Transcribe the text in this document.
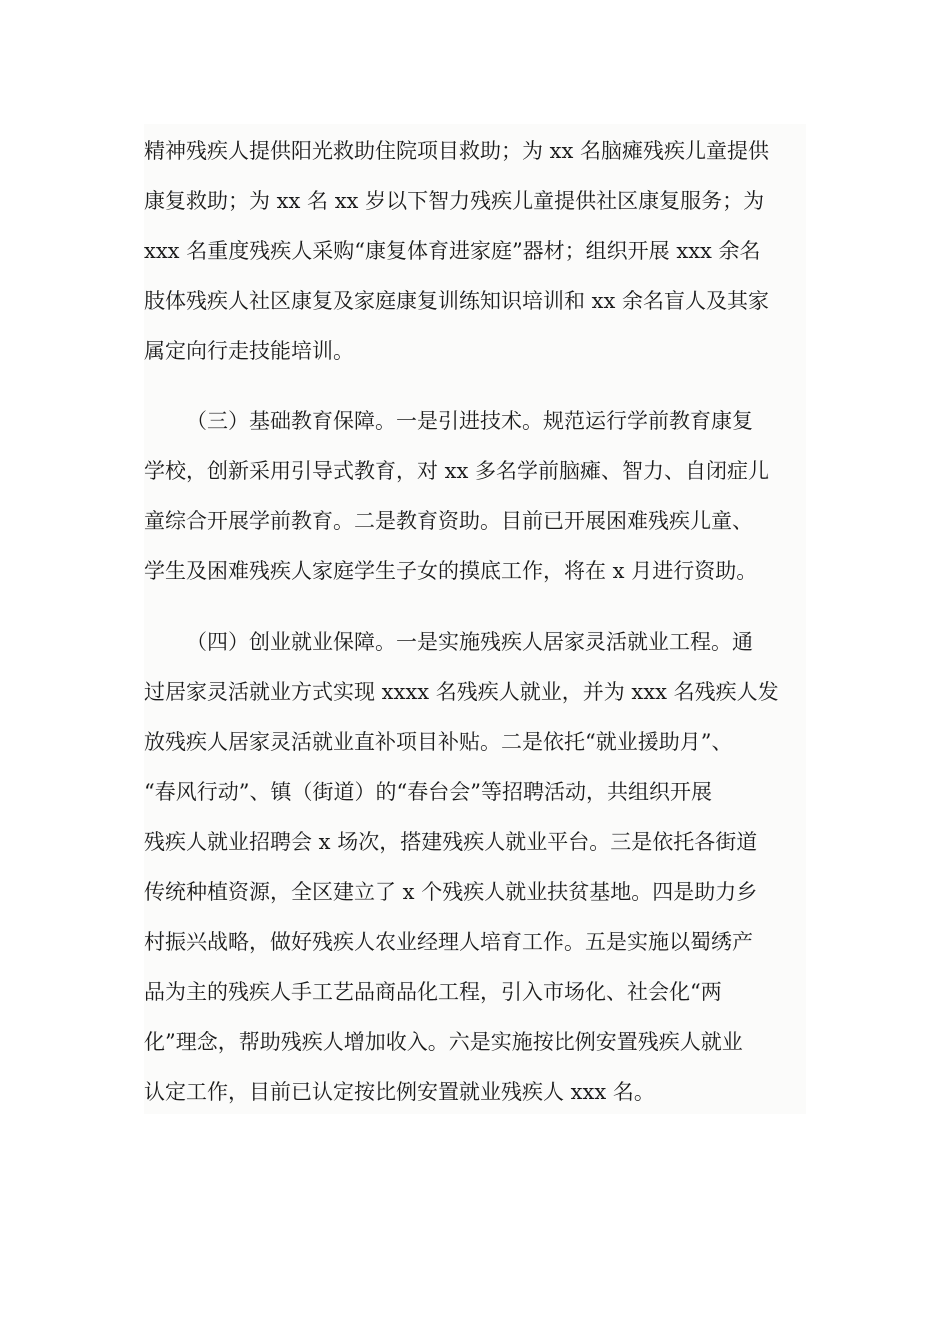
精神残疾人提供阳光救助住院项目救助；为 xx 名脑瘫残疾儿童提供

康复救助；为 xx 名 xx 岁以下智力残疾儿童提供社区康复服务；为

xxx 名重度残疾人采购“康复体育进家庭”器材；组织开展 xxx 余名

肢体残疾人社区康复及家庭康复训练知识培训和 xx 余名盲人及其家

属定向行走技能培训。

（三）基础教育保障。一是引进技术。规范运行学前教育康复

学校，创新采用引导式教育，对 xx 多名学前脑瘫、智力、自闭症儿

童综合开展学前教育。二是教育资助。目前已开展困难残疾儿童、

学生及困难残疾人家庭学生子女的摸底工作，将在 x 月进行资助。

（四）创业就业保障。一是实施残疾人居家灵活就业工程。通

过居家灵活就业方式实现 xxxx 名残疾人就业，并为 xxx 名残疾人发

放残疾人居家灵活就业直补项目补贴。二是依托“就业援助月”、

“春风行动”、镇（街道）的“春台会”等招聘活动，共组织开展

残疾人就业招聘会 x 场次，搭建残疾人就业平台。三是依托各街道

传统种植资源，全区建立了 x 个残疾人就业扶贫基地。四是助力乡

村振兴战略，做好残疾人农业经理人培育工作。五是实施以蜀绣产

品为主的残疾人手工艺品商品化工程，引入市场化、社会化“两

化”理念，帮助残疾人增加收入。六是实施按比例安置残疾人就业

认定工作，目前已认定按比例安置就业残疾人 xxx 名。
